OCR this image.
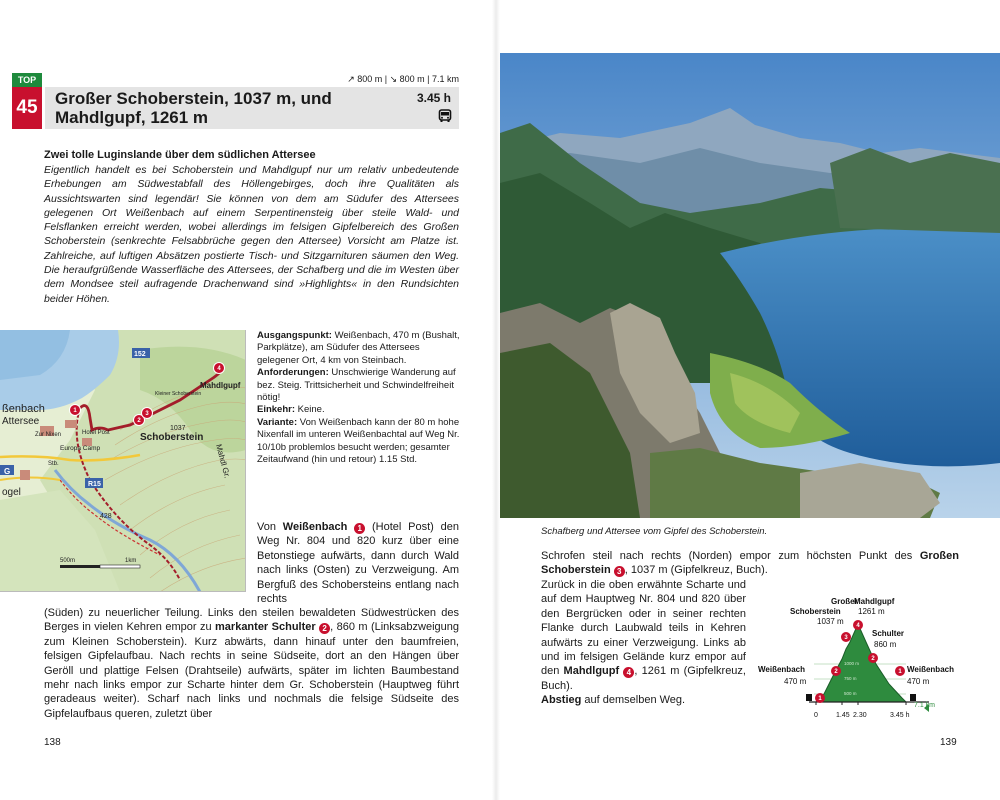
↗ 800 m | ↘ 800 m | 7.1 km
TOP
45 Großer Schoberstein, 1037 m, und Mahdlgupf, 1261 m
3.45 h
Zwei tolle Luginslande über dem südlichen Attersee
Eigentlich handelt es bei Schoberstein und Mahdlgupf nur um relativ unbedeutende Erhebungen am Südwestabfall des Höllengebirges, doch ihre Qualitäten als Aussichtswarten sind legendär! Sie können von dem am Südufer des Attersees gelegenen Ort Weißenbach auf einem Serpentinensteig über steile Wald- und Felsflanken erreicht werden, wobei allerdings im felsigen Gipfelbereich des Großen Schoberstein (senkrechte Felsabbrüche gegen den Attersee) Vorsicht am Platze ist. Zahlreiche, auf luftigen Absätzen postierte Tisch- und Sitzgarnituren säumen den Weg. Die heraufgrüßende Wasserfläche des Attersees, der Schafberg und die im Westen über dem Mondsee steil aufragende Drachenwand sind »Highlights« in den Rundsichten beider Höhen.
1
2
3
4
ßenbach
Attersee
Schoberstein
Mahdlgupf
Mahdl Gr.
Europa Camp
Hotel Post
R15
152
1037
428
500m	1km
Kleiner Schoberstein
ogel
Stb.
Zur Nixen
G

Ausgangspunkt: Weißenbach, 470 m (Bushalt, Parkplätze), am Südufer des Attersees gelegener Ort, 4 km von Steinbach.

Anforderungen: Unschwierige Wanderung auf bez. Steig. Trittsicherheit und Schwindelfreiheit nötig!

Einkehr: Keine.

Variante: Von Weißenbach kann der 80 m hohe Nixenfall im unteren Weißenbachtal auf Weg Nr. 10/10b problemlos besucht werden; gesamter Zeitaufwand (hin und retour) 1.15 Std.

Von Weißenbach 1 (Hotel Post) den Weg Nr. 804 und 820 kurz über eine Betonstiege aufwärts, dann durch Wald nach links (Osten) zu Verzweigung. Am Bergfuß des Schobersteins entlang nach rechts
(Süden) zu neuerlicher Teilung. Links den steilen bewaldeten Südwestrücken des Berges in vielen Kehren empor zu markanter Schulter 2 , 860 m (Linksabzweigung zum Kleinen Schoberstein). Kurz abwärts, dann hinauf unter den baumfreien, felsigen Gipfelaufbau. Nach rechts in seine Südseite, dort an den Hängen über Geröll und plattige Felsen (Drahtseile) aufwärts, später im lichten Baumbestand mehr nach links empor zur Scharte hinter dem Gr. Schoberstein (Hauptweg führt geradeaus weiter). Scharf nach links und nochmals die felsige Südseite des Gipfelaufbaus queren, zuletzt über
138
Schafberg und Attersee vom Gipfel des Schoberstein.
Schrofen steil nach rechts (Norden) empor zum höchsten Punkt des Großen Schoberstein 3 , 1037 m (Gipfelkreuz, Buch).
Zurück in die oben erwähnte Scharte und auf dem Hauptweg Nr. 804 und 820 über den Bergrücken oder in seiner rechten Flanke durch Laubwald teils in Kehren aufwärts zu einer Verzweigung. Links ab und im felsigen Gelände kurz empor auf den Mahdlgupf 4 , 1261 m (Gipfelkreuz, Buch).
Abstieg auf demselben Weg.
139
1
2
3
4
2
1
Großer
Schoberstein
1037 m
Mahdlgupf
1261 m
Schulter
860 m
Weißenbach
470 m
Weißenbach
470 m
7.1 km
0	1.45 2.30	3.45 h
1000 m
750 m
500 m
